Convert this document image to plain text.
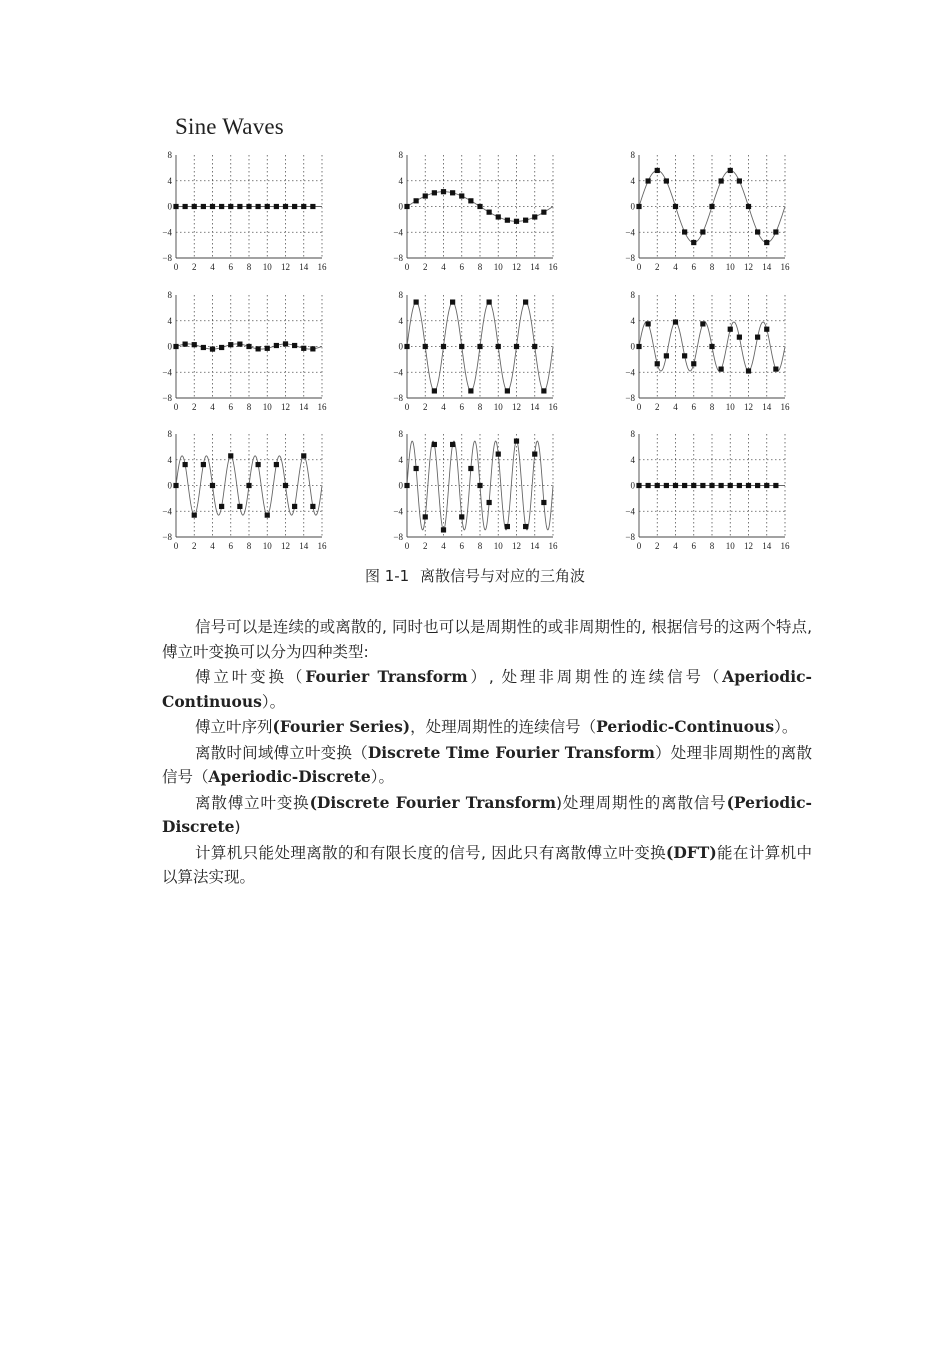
Sine Waves
8
4
0
−4
−8
0 2 4 6 8 10 12 14 16
8
4
0
−4
−8
0 2 4 6 8 10 12 14 16
8
4
0
−4
−8
0 2 4 6 8 10 12 14 16
8
4
0
−4
−8
0 2 4 6 8 10 12 14 16
8
4
0
−4
−8
0 2 4 6 8 10 12 14 16
8
4
0
−4
−8
0 2 4 6 8 10 12 14 16
8
4
0
−4
−8
0 2 4 6 8 10 12 14 16
8
4
0
−4
−8
0 2 4 6 8 10 12 14 16
8
4
0
−4
−8
0 2 4 6 8 10 12 14 16
图 1-1 离散信号与对应的三角波

信号可以是连续的或离散的, 同时也可以是周期性的或非周期性的, 根据信号的这两个特点, 傅立叶变换可以分为四种类型:

傅立叶变换（Fourier Transform）, 处理非周期性的连续信号（Aperiodic-Continuous）。

傅立叶序列(Fourier Series)，处理周期性的连续信号（Periodic-Continuous）。

离散时间域傅立叶变换（Discrete Time Fourier Transform）处理非周期性的离散信号（Aperiodic-Discrete）。

离散傅立叶变换(Discrete Fourier Transform)处理周期性的离散信号(Periodic-Discrete)

计算机只能处理离散的和有限长度的信号, 因此只有离散傅立叶变换(DFT)能在计算机中以算法实现。
